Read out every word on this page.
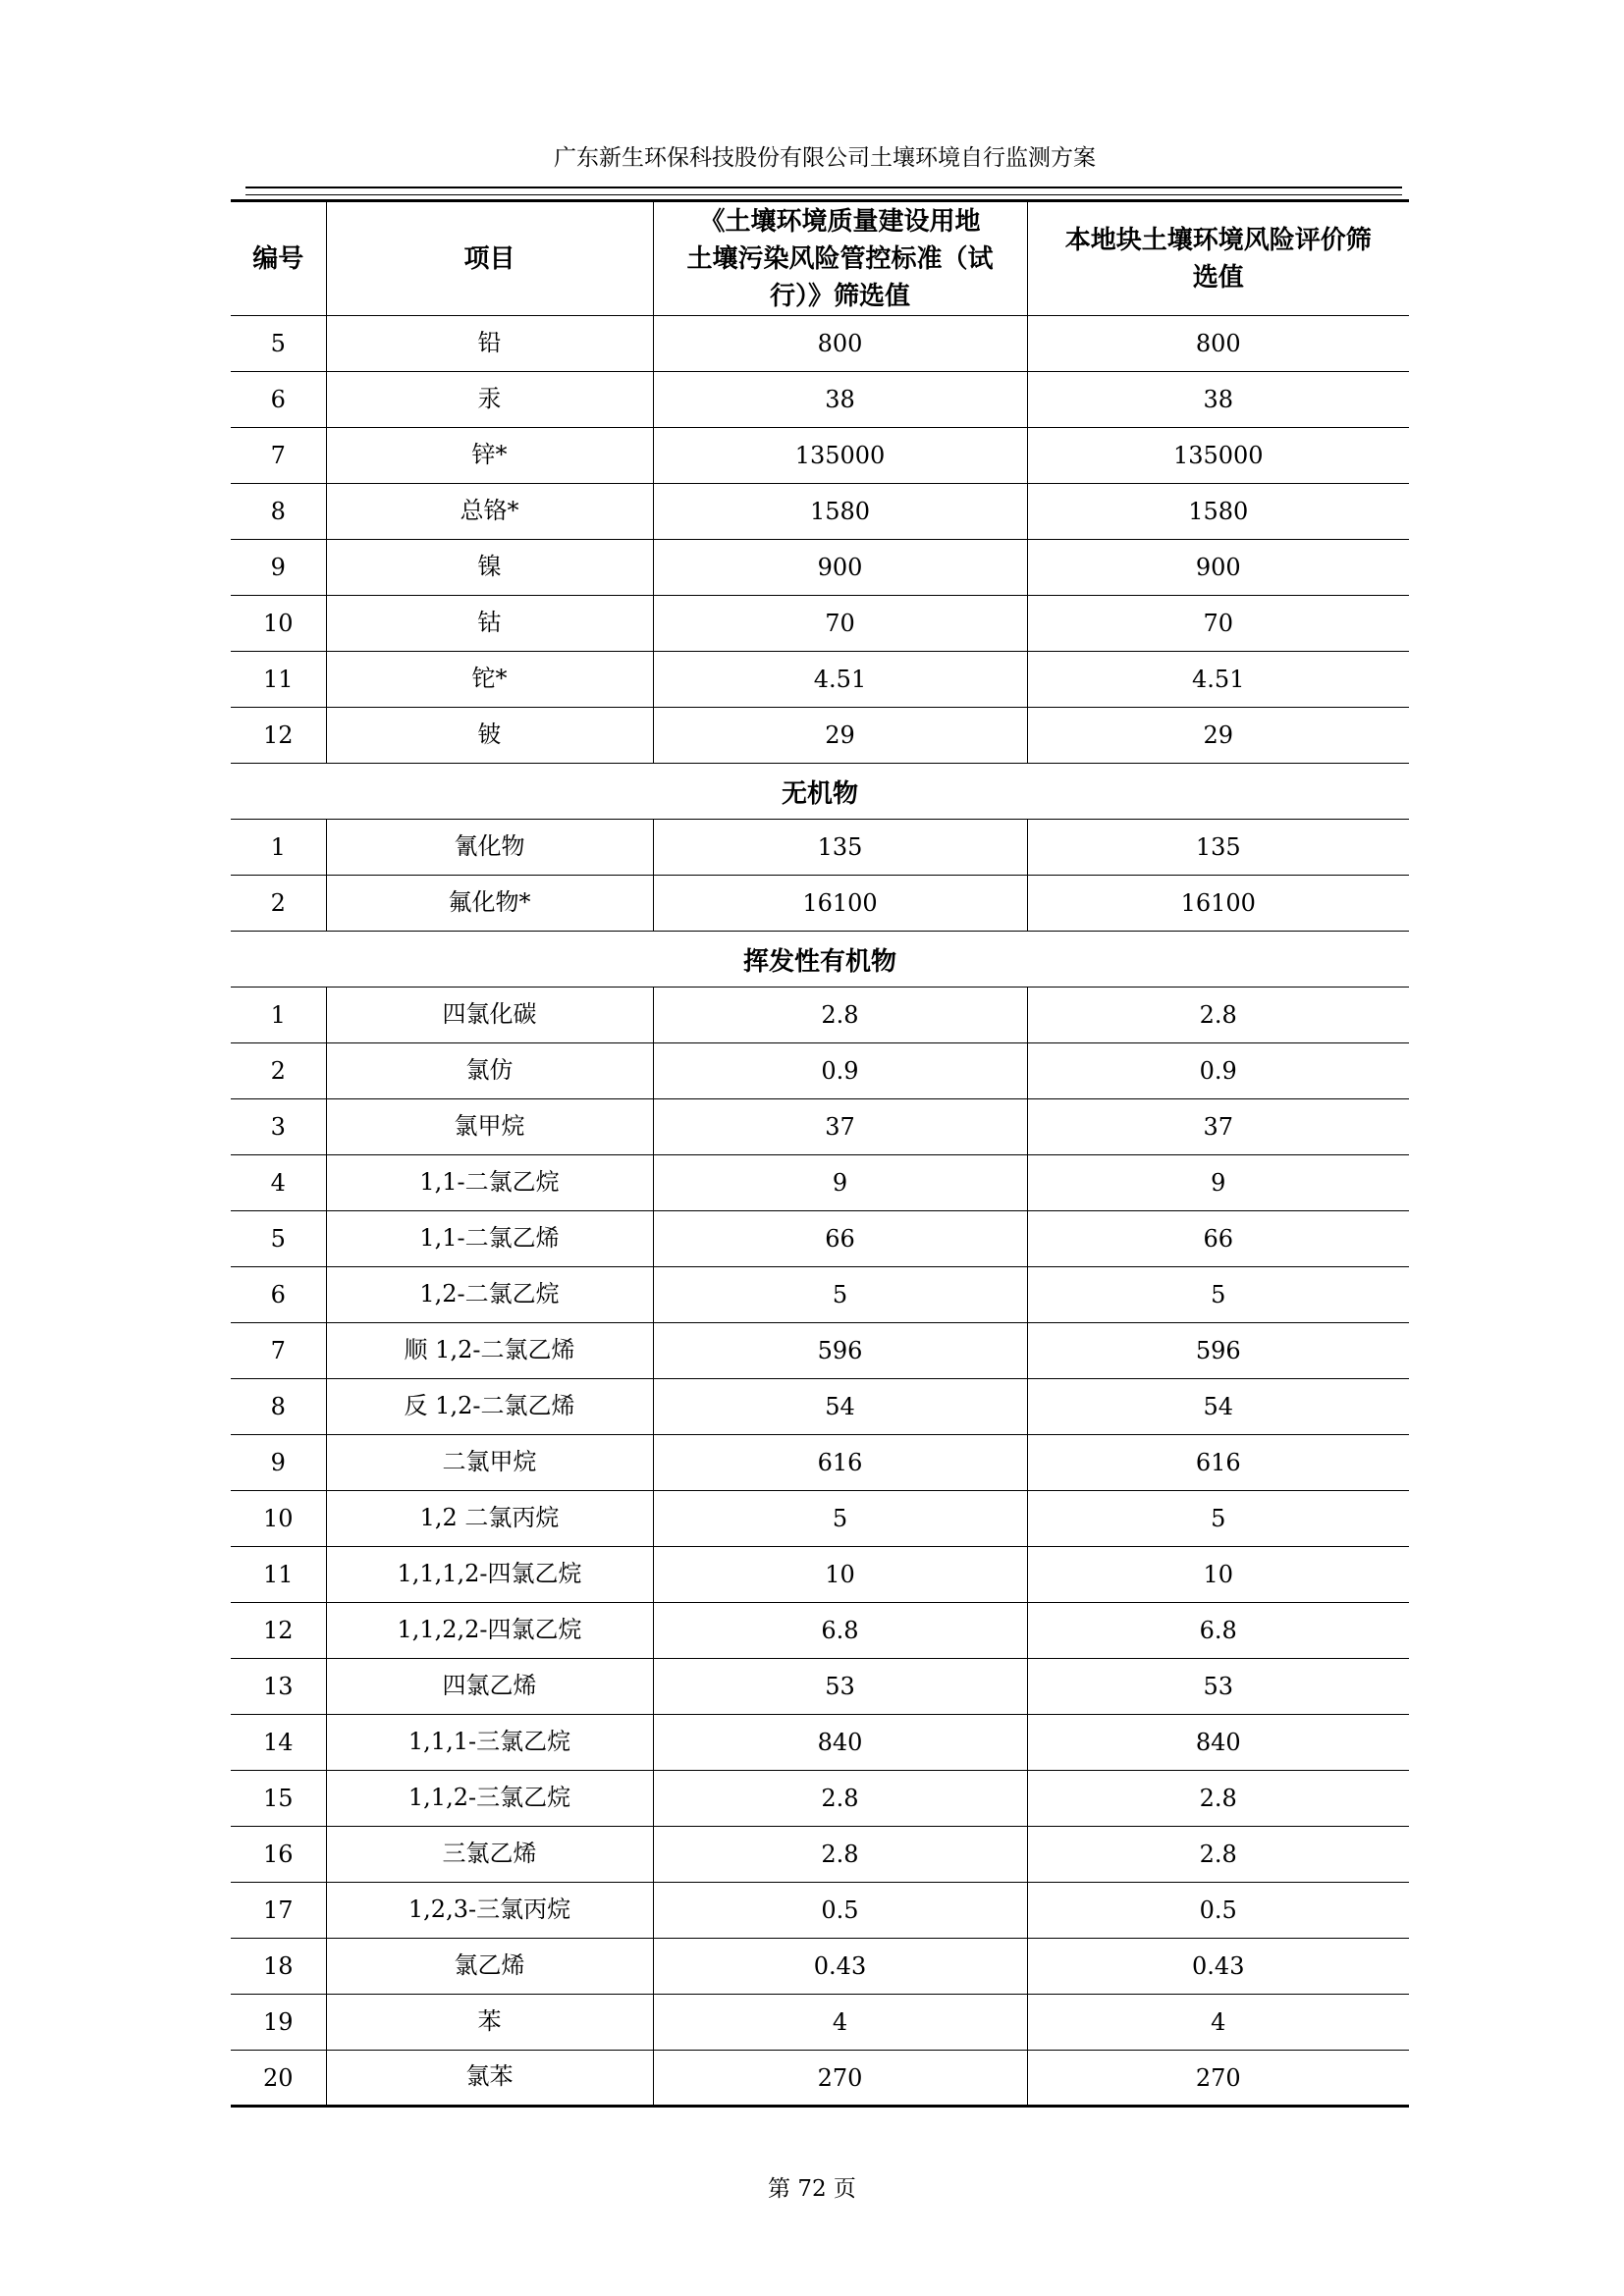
广东新生环保科技股份有限公司土壤环境自行监测方案
编号	项目	《土壤环境质量建设用地
土壤污染风险管控标准（试
行）》筛选值	本地块土壤环境风险评价筛
选值
5	铅	800	800
6	汞	38	38
7	锌*	135000	135000
8	总铬*	1580	1580
9	镍	900	900
10	钴	70	70
11	铊*	4.51	4.51
12	铍	29	29
无机物			
1	氰化物	135	135
2	氟化物*	16100	16100
挥发性有机物			
1	四氯化碳	2.8	2.8
2	氯仿	0.9	0.9
3	氯甲烷	37	37
4	1,1-二氯乙烷	9	9
5	1,1-二氯乙烯	66	66
6	1,2-二氯乙烷	5	5
7	顺 1,2-二氯乙烯	596	596
8	反 1,2-二氯乙烯	54	54
9	二氯甲烷	616	616
10	1,2 二氯丙烷	5	5
11	1,1,1,2-四氯乙烷	10	10
12	1,1,2,2-四氯乙烷	6.8	6.8
13	四氯乙烯	53	53
14	1,1,1-三氯乙烷	840	840
15	1,1,2-三氯乙烷	2.8	2.8
16	三氯乙烯	2.8	2.8
17	1,2,3-三氯丙烷	0.5	0.5
18	氯乙烯	0.43	0.43
19	苯	4	4
20	氯苯	270	270
第 72 页
